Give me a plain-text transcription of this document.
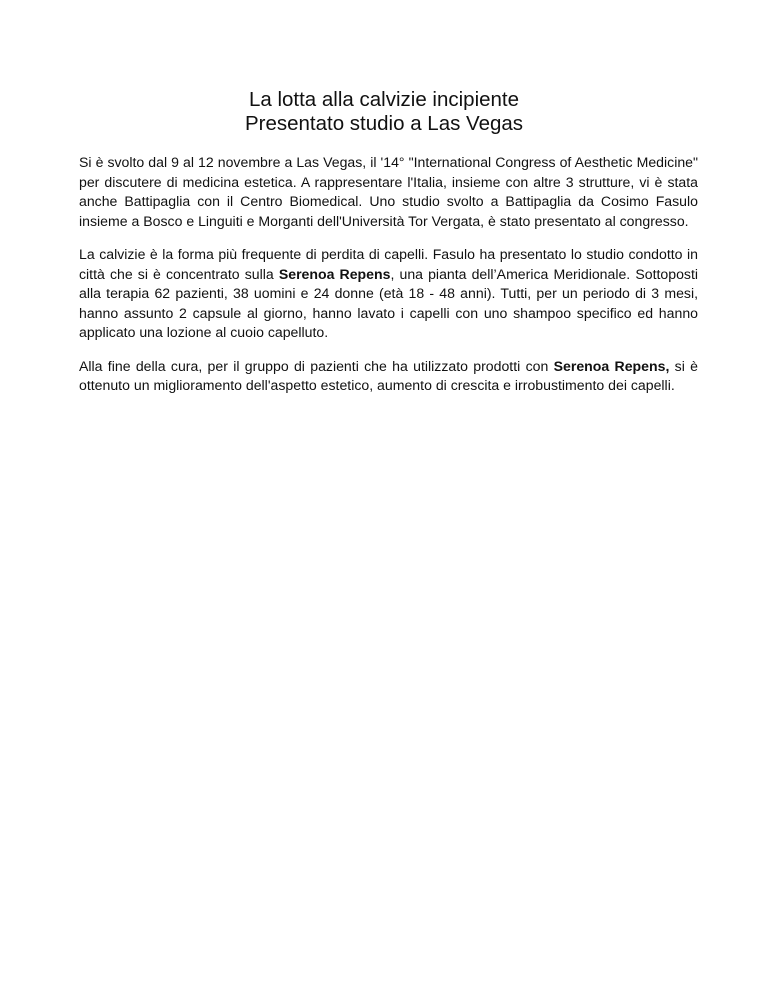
La lotta alla calvizie incipiente
Presentato studio a Las Vegas

Si è svolto dal 9 al 12 novembre a Las Vegas, il '14° "International Congress of Aesthetic Medicine" per discutere di medicina estetica. A rappresentare l'Italia, insieme con altre 3 strutture, vi è stata anche Battipaglia con il Centro Biomedical. Uno studio svolto a Battipaglia da Cosimo Fasulo insieme a Bosco e Linguiti e Morganti dell'Università Tor Vergata, è stato presentato al congresso.

La calvizie è la forma più frequente di perdita di capelli. Fasulo ha presentato lo studio condotto in città che si è concentrato sulla Serenoa Repens, una pianta dell’America Meridionale. Sottoposti alla terapia 62 pazienti, 38 uomini e 24 donne (età 18 - 48 anni). Tutti, per un periodo di 3 mesi, hanno assunto 2 capsule al giorno, hanno lavato i capelli con uno shampoo specifico ed hanno applicato una lozione al cuoio capelluto.

Alla fine della cura, per il gruppo di pazienti che ha utilizzato prodotti con Serenoa Repens, si è ottenuto un miglioramento dell'aspetto estetico, aumento di crescita e irrobustimento dei capelli.
